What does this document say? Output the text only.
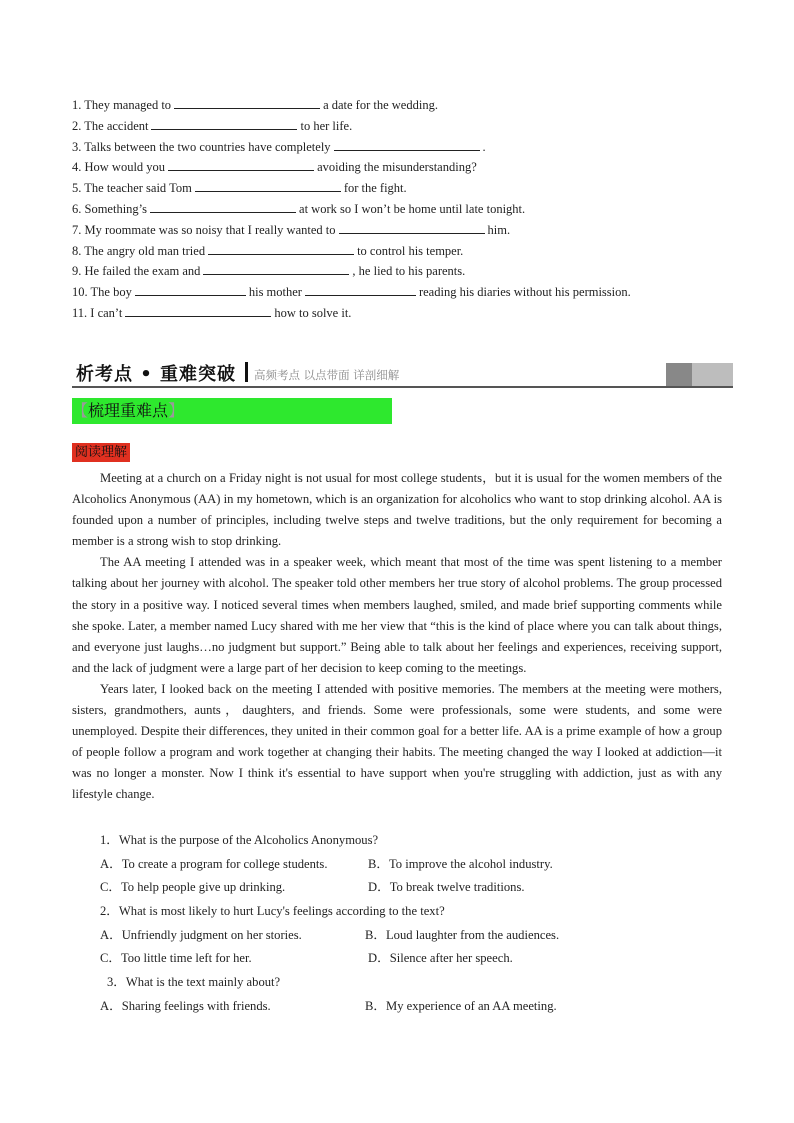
1. They managed to	a date for the wedding.
2. The accident	to her life.
3. Talks between the two countries have completely	.
4. How would you	avoiding the misunderstanding?
5. The teacher said Tom	for the fight.
6. Something’s	at work so I won’t be home until late tonight.
7. My roommate was so noisy that I really wanted to	him.
8. The angry old man tried	to control his temper.
9. He failed the exam and	, he lied to his parents.
10. The boy	his mother	reading his diaries without his permission.
11. I can’t	how to solve it.
析考点 • 重难突破 高频考点 以点带面 详剖细解
【梳理重难点】
阅读理解

Meeting at a church on a Friday night is not usual for most college students，but it is usual for the women members of the Alcoholics Anonymous (AA) in my hometown, which is an organization for alcoholics who want to stop drinking alcohol. AA is founded upon a number of principles, including twelve steps and twelve traditions, but the only requirement for becoming a member is a strong wish to stop drinking.

The AA meeting I attended was in a speaker week, which meant that most of the time was spent listening to a member talking about her journey with alcohol. The speaker told other members her true story of alcohol problems. The group processed the story in a positive way. I noticed several times when members laughed, smiled, and made brief supporting comments while she spoke. Later, a member named Lucy shared with me her view that “this is the kind of place where you can talk about things, and everyone just laughs…no judgment but support.” Being able to talk about her feelings and experiences, receiving support, and the lack of judgment were a large part of her decision to keep coming to the meetings.

Years later, I looked back on the meeting I attended with positive memories. The members at the meeting were mothers, sisters, grandmothers, aunts，daughters, and friends. Some were professionals, some were students, and some were unemployed. Despite their differences, they united in their common goal for a better life. AA is a prime example of how a group of people follow a program and work together at changing their habits. The meeting changed the way I looked at addiction—it was no longer a monster. Now I think it's essential to have support when you're struggling with addiction, just as with any lifestyle change.

1．What is the purpose of the Alcoholics Anonymous?
A．To create a program for college students.	B．To improve the alcohol industry.
C．To help people give up drinking.	D．To break twelve traditions.
2．What is most likely to hurt Lucy's feelings according to the text?
A．Unfriendly judgment on her stories.	B．Loud laughter from the audiences.
C．Too little time left for her.	D．Silence after her speech.
3．What is the text mainly about?
A．Sharing feelings with friends.	B．My experience of an AA meeting.
